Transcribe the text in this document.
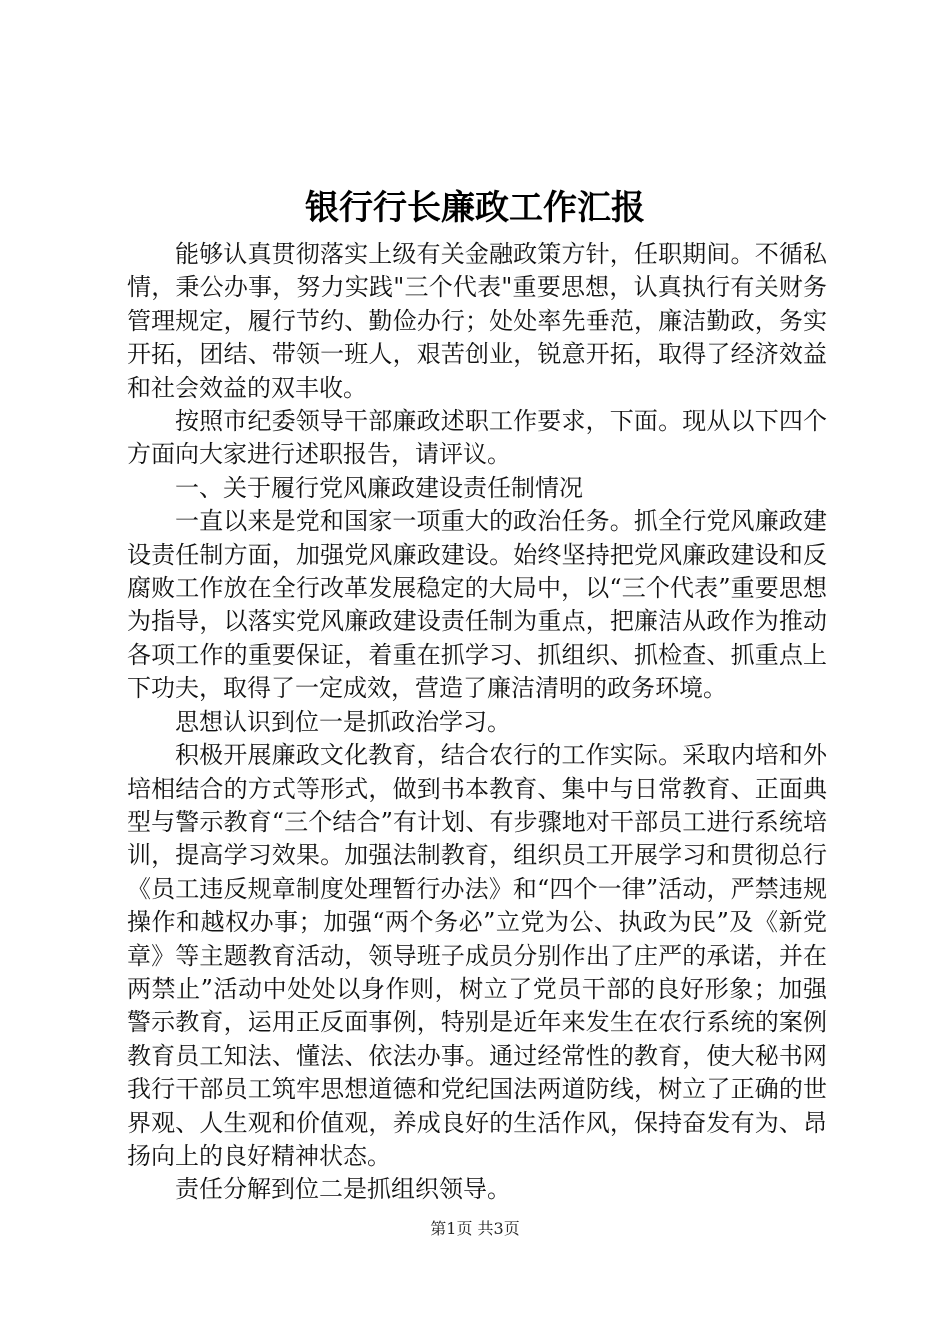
银行行长廉政工作汇报

能够认真贯彻落实上级有关金融政策方针，任职期间。不循私情，秉公办事，努力实践"三个代表"重要思想，认真执行有关财务管理规定，履行节约、勤俭办行；处处率先垂范，廉洁勤政，务实开拓，团结、带领一班人，艰苦创业，锐意开拓，取得了经济效益和社会效益的双丰收。

按照市纪委领导干部廉政述职工作要求，下面。现从以下四个方面向大家进行述职报告，请评议。

一、关于履行党风廉政建设责任制情况

一直以来是党和国家一项重大的政治任务。抓全行党风廉政建设责任制方面，加强党风廉政建设。始终坚持把党风廉政建设和反腐败工作放在全行改革发展稳定的大局中，以“三个代表”重要思想为指导，以落实党风廉政建设责任制为重点，把廉洁从政作为推动各项工作的重要保证，着重在抓学习、抓组织、抓检查、抓重点上下功夫，取得了一定成效，营造了廉洁清明的政务环境。

思想认识到位一是抓政治学习。

积极开展廉政文化教育，结合农行的工作实际。采取内培和外培相结合的方式等形式，做到书本教育、集中与日常教育、正面典型与警示教育“三个结合”有计划、有步骤地对干部员工进行系统培训，提高学习效果。加强法制教育，组织员工开展学习和贯彻总行《员工违反规章制度处理暂行办法》和“四个一律”活动，严禁违规操作和越权办事；加强“两个务必”立党为公、执政为民”及《新党章》等主题教育活动，领导班子成员分别作出了庄严的承诺，并在两禁止”活动中处处以身作则，树立了党员干部的良好形象；加强警示教育，运用正反面事例，特别是近年来发生在农行系统的案例教育员工知法、懂法、依法办事。通过经常性的教育，使大秘书网我行干部员工筑牢思想道德和党纪国法两道防线，树立了正确的世界观、人生观和价值观，养成良好的生活作风，保持奋发有为、昂扬向上的良好精神状态。

责任分解到位二是抓组织领导。

第1页 共3页
